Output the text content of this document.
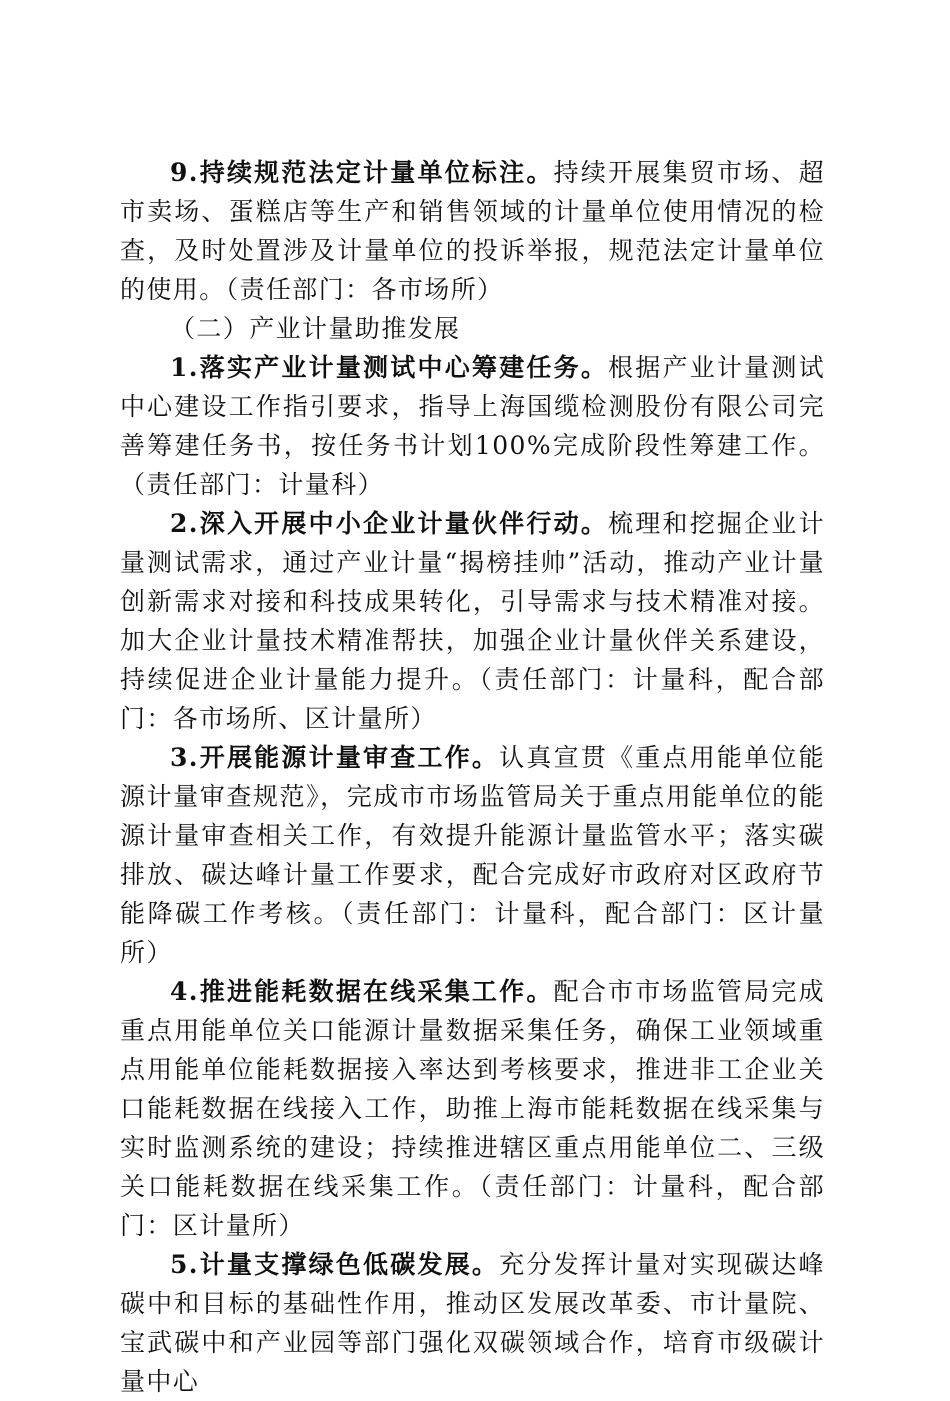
9.持续规范法定计量单位标注。持续开展集贸市场、超市卖场、蛋糕店等生产和销售领域的计量单位使用情况的检查，及时处置涉及计量单位的投诉举报，规范法定计量单位的使用。（责任部门：各市场所）

（二）产业计量助推发展

1.落实产业计量测试中心筹建任务。根据产业计量测试中心建设工作指引要求，指导上海国缆检测股份有限公司完善筹建任务书，按任务书计划100%完成阶段性筹建工作。（责任部门：计量科）

2.深入开展中小企业计量伙伴行动。梳理和挖掘企业计量测试需求，通过产业计量“揭榜挂帅”活动，推动产业计量创新需求对接和科技成果转化，引导需求与技术精准对接。加大企业计量技术精准帮扶，加强企业计量伙伴关系建设，持续促进企业计量能力提升。（责任部门：计量科，配合部门：各市场所、区计量所）

3.开展能源计量审查工作。认真宣贯《重点用能单位能源计量审查规范》，完成市市场监管局关于重点用能单位的能源计量审查相关工作，有效提升能源计量监管水平；落实碳排放、碳达峰计量工作要求，配合完成好市政府对区政府节能降碳工作考核。（责任部门：计量科，配合部门：区计量所）

4.推进能耗数据在线采集工作。配合市市场监管局完成重点用能单位关口能源计量数据采集任务，确保工业领域重点用能单位能耗数据接入率达到考核要求，推进非工企业关口能耗数据在线接入工作，助推上海市能耗数据在线采集与实时监测系统的建设；持续推进辖区重点用能单位二、三级关口能耗数据在线采集工作。（责任部门：计量科，配合部门：区计量所）

5.计量支撑绿色低碳发展。充分发挥计量对实现碳达峰碳中和目标的基础性作用，推动区发展改革委、市计量院、宝武碳中和产业园等部门强化双碳领域合作，培育市级碳计量中心
